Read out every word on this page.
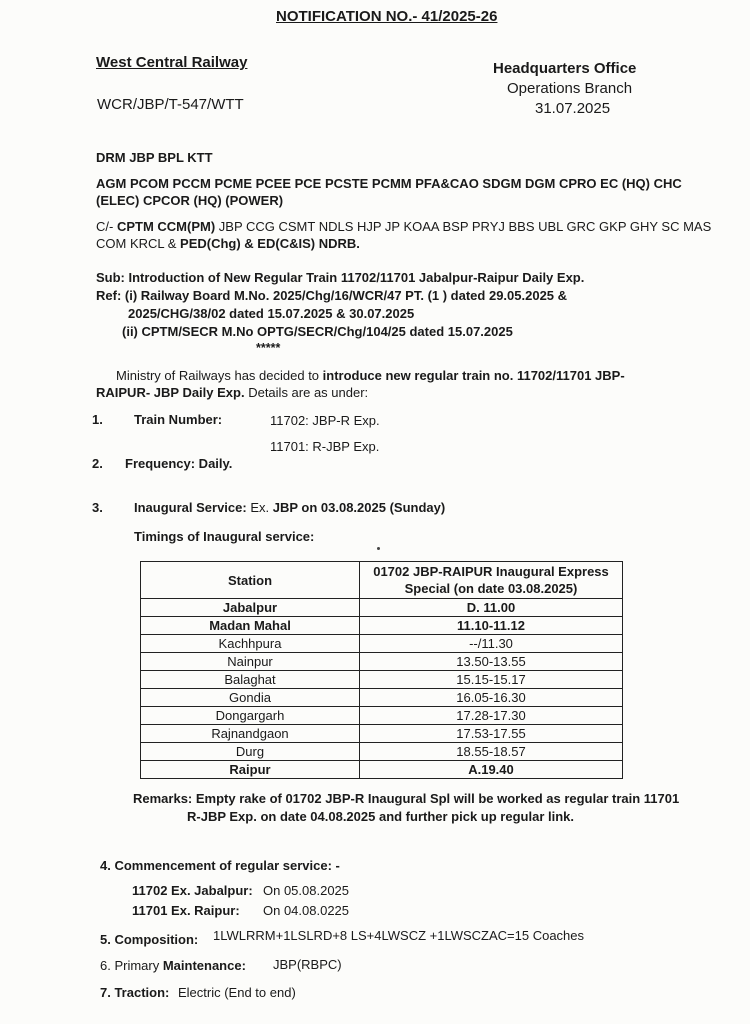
NOTIFICATION NO.- 41/2025-26
West Central Railway	Headquarters Office
Operations Branch
31.07.2025
WCR/JBP/T-547/WTT
DRM JBP BPL KTT
AGM PCOM PCCM PCME PCEE PCE PCSTE PCMM PFA&CAO SDGM DGM CPRO EC (HQ) CHC
(ELEC) CPCOR (HQ) (POWER)
C/- CPTM CCM(PM) JBP CCG CSMT NDLS HJP JP KOAA BSP PRYJ BBS UBL GRC GKP GHY SC MAS
COM KRCL & PED(Chg) & ED(C&IS) NDRB.
Sub: Introduction of New Regular Train 11702/11701 Jabalpur-Raipur Daily Exp.
Ref: (i) Railway Board M.No. 2025/Chg/16/WCR/47 PT. (1 ) dated 29.05.2025 &
2025/CHG/38/02 dated 15.07.2025 & 30.07.2025
(ii) CPTM/SECR M.No OPTG/SECR/Chg/104/25 dated 15.07.2025
*****
Ministry of Railways has decided to introduce new regular train no. 11702/11701 JBP-
RAIPUR- JBP Daily Exp. Details are as under:
1. Train Number:	11702: JBP-R Exp.
11701: R-JBP Exp.
2. Frequency: Daily.
3. Inaugural Service: Ex. JBP on 03.08.2025 (Sunday)
Timings of Inaugural service:
Station	01702 JBP-RAIPUR Inaugural Express
Special (on date 03.08.2025)

Jabalpur	D. 11.00
Madan Mahal	11.10-11.12
Kachhpura	--/11.30
Nainpur	13.50-13.55
Balaghat	15.15-15.17
Gondia	16.05-16.30
Dongargarh	17.28-17.30
Rajnandgaon	17.53-17.55
Durg	18.55-18.57
Raipur	A.19.40
Remarks: Empty rake of 01702 JBP-R Inaugural Spl will be worked as regular train 11701
R-JBP Exp. on date 04.08.2025 and further pick up regular link.
4. Commencement of regular service: -
11702 Ex. Jabalpur: On 05.08.2025
11701 Ex. Raipur: On 04.08.0225
5. Composition: 1LWLRRM+1LSLRD+8 LS+4LWSCZ +1LWSCZAC=15 Coaches
6. Primary Maintenance: JBP(RBPC)
7. Traction: Electric (End to end)
